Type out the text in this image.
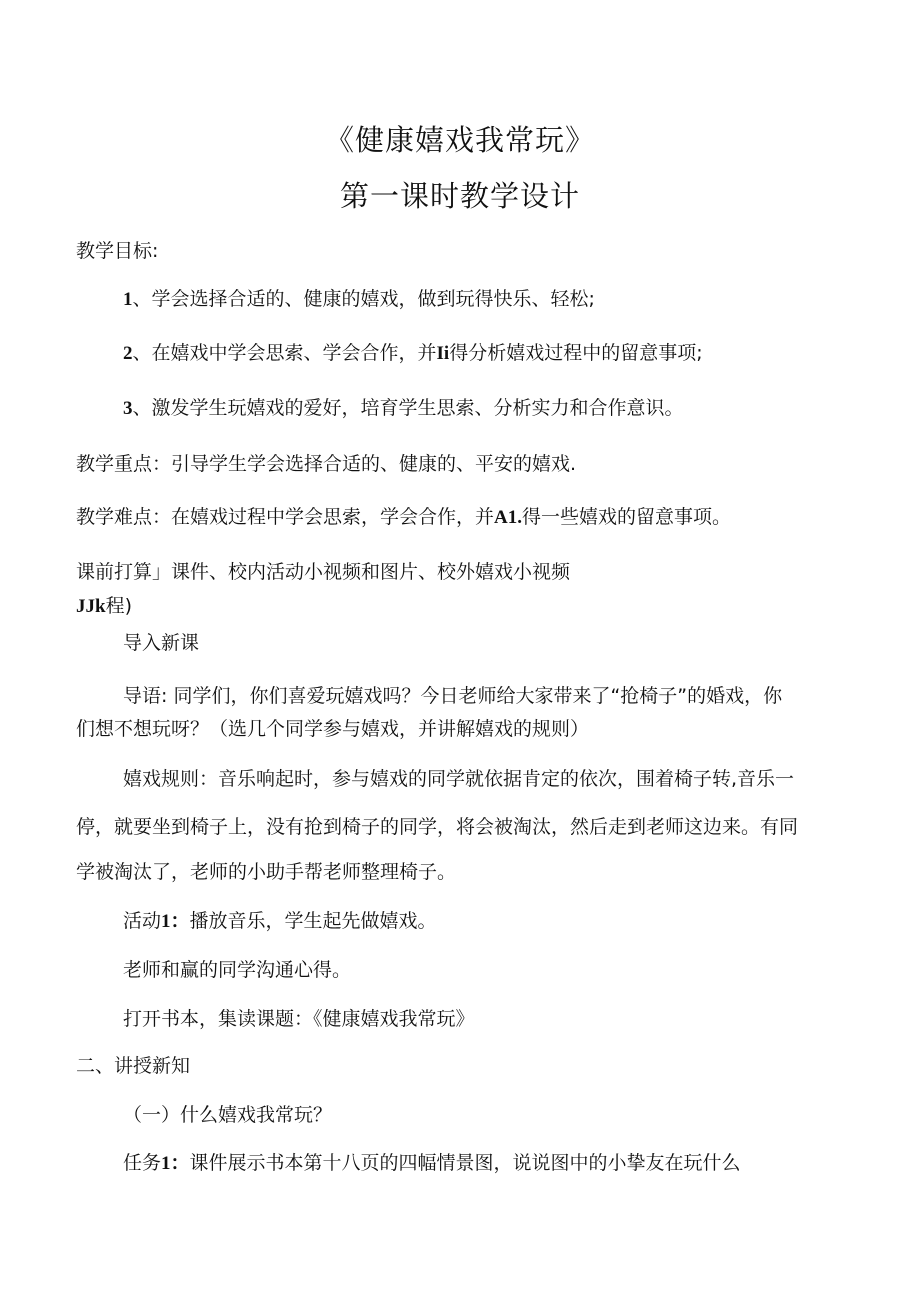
《健康嬉戏我常玩》
第一课时教学设计
教学目标:
1、学会选择合适的、健康的嬉戏，做到玩得快乐、轻松;
2、在嬉戏中学会思索、学会合作，并Ii得分析嬉戏过程中的留意事项;
3、激发学生玩嬉戏的爱好，培育学生思索、分析实力和合作意识。
教学重点：引导学生学会选择合适的、健康的、平安的嬉戏.
教学难点：在嬉戏过程中学会思索，学会合作，并A1.得一些嬉戏的留意事项。
课前打算」课件、校内活动小视频和图片、校外嬉戏小视频
JJk程)
导入新课
导语: 同学们，你们喜爱玩嬉戏吗？今日老师给大家带来了“抢椅子”的婚戏，你
们想不想玩呀？（选几个同学参与嬉戏，并讲解嬉戏的规则）
嬉戏规则：音乐响起时，参与嬉戏的同学就依据肯定的依次，围着椅子转,音乐一
停，就要坐到椅子上，没有抢到椅子的同学，将会被淘汰，然后走到老师这边来。有同
学被淘汰了，老师的小助手帮老师整理椅子。
活动1：播放音乐，学生起先做嬉戏。
老师和赢的同学沟通心得。
打开书本，集读课题：《健康嬉戏我常玩》
二、讲授新知
（一）什么嬉戏我常玩？
任务1：课件展示书本第十八页的四幅情景图，说说图中的小挚友在玩什么
